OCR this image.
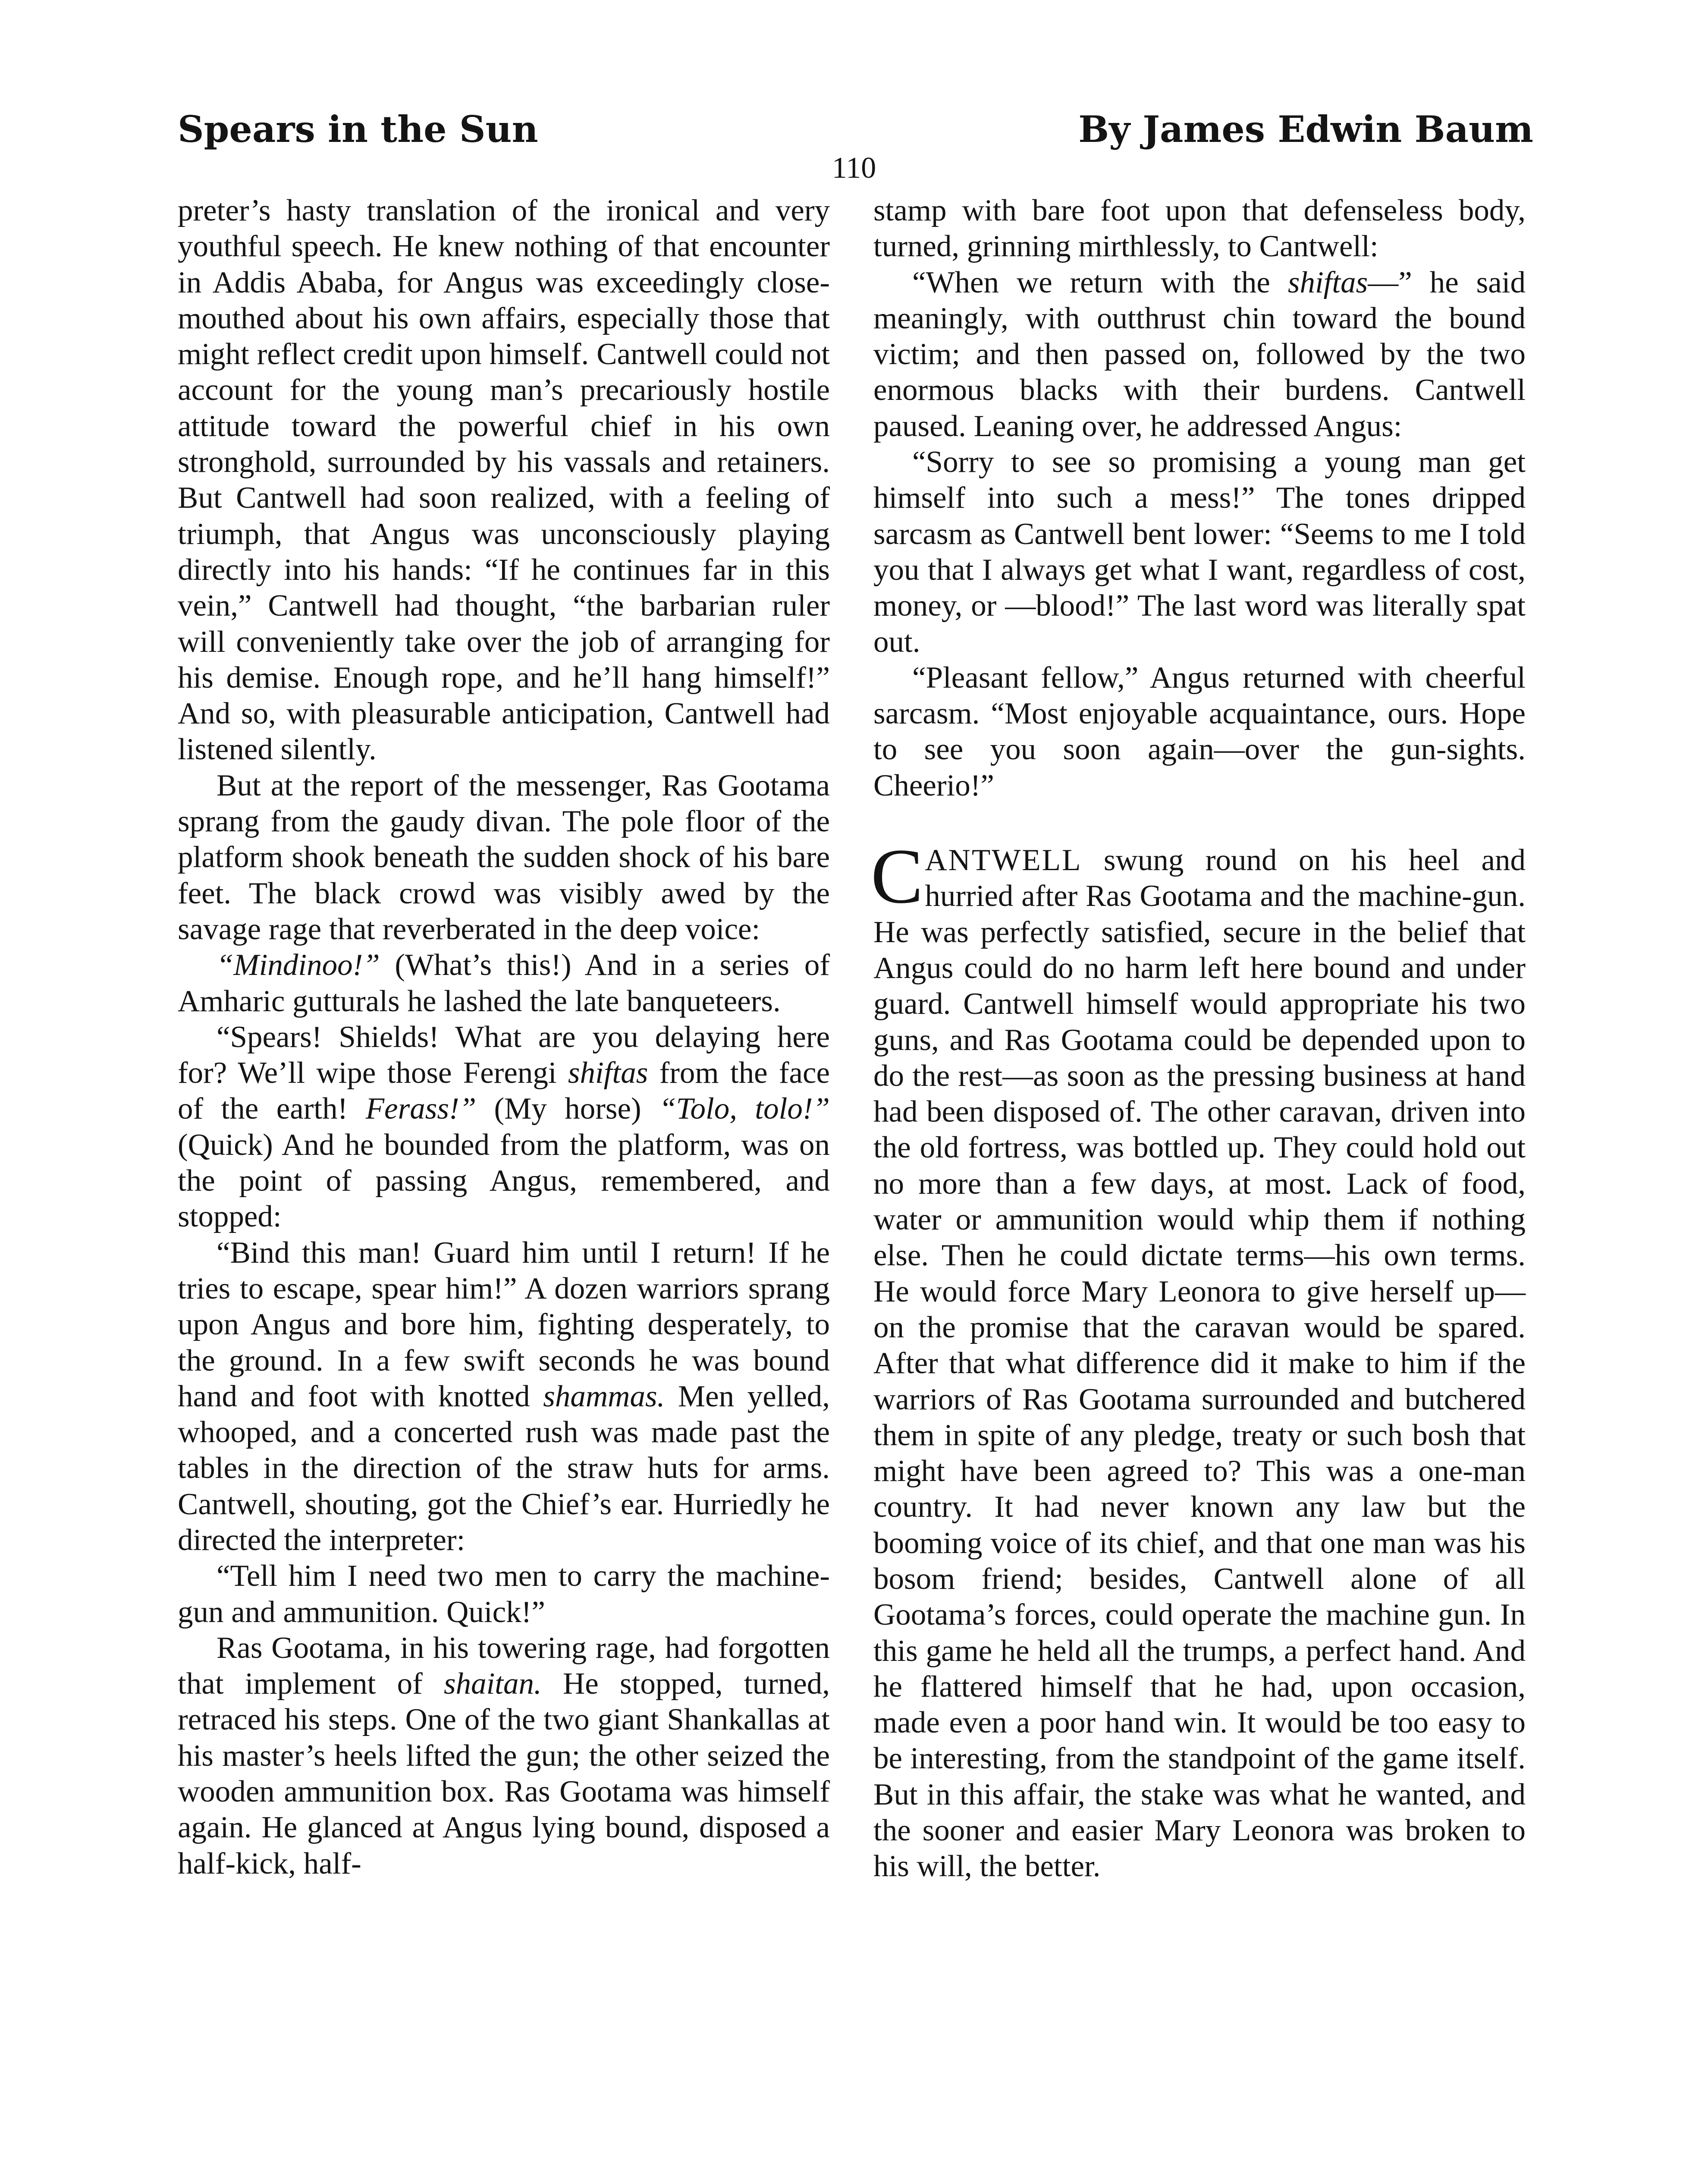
Spears in the Sun	By James Edwin Baum
110

preter’s hasty translation of the ironical and very youthful speech. He knew nothing of that encounter in Addis Ababa, for Angus was exceedingly close-mouthed about his own affairs, especially those that might reflect credit upon himself. Cantwell could not account for the young man’s precariously hostile attitude toward the powerful chief in his own stronghold, surrounded by his vassals and retainers. But Cantwell had soon realized, with a feeling of triumph, that Angus was unconsciously playing directly into his hands: “If he continues far in this vein,” Cantwell had thought, “the barbarian ruler will conveniently take over the job of arranging for his demise. Enough rope, and he’ll hang himself!” And so, with pleasurable anticipation, Cantwell had listened silently.

But at the report of the messenger, Ras Gootama sprang from the gaudy divan. The pole floor of the platform shook beneath the sudden shock of his bare feet. The black crowd was visibly awed by the savage rage that reverberated in the deep voice:

“Mindinoo!” (What’s this!) And in a series of Amharic gutturals he lashed the late banqueteers.

“Spears! Shields! What are you delaying here for? We’ll wipe those Ferengi shiftas from the face of the earth! Ferass!” (My horse) “Tolo, tolo!” (Quick) And he bounded from the platform, was on the point of passing Angus, remembered, and stopped:

“Bind this man! Guard him until I return! If he tries to escape, spear him!” A dozen warriors sprang upon Angus and bore him, fighting desperately, to the ground. In a few swift seconds he was bound hand and foot with knotted shammas. Men yelled, whooped, and a concerted rush was made past the tables in the direction of the straw huts for arms. Cantwell, shouting, got the Chief’s ear. Hurriedly he directed the interpreter:

“Tell him I need two men to carry the machine-gun and ammunition. Quick!”

Ras Gootama, in his towering rage, had forgotten that implement of shaitan. He stopped, turned, retraced his steps. One of the two giant Shankallas at his master’s heels lifted the gun; the other seized the wooden ammunition box. Ras Gootama was himself again. He glanced at Angus lying bound, disposed a half-kick, half-

stamp with bare foot upon that defenseless body, turned, grinning mirthlessly, to Cantwell:

“When we return with the shiftas—” he said meaningly, with outthrust chin toward the bound victim; and then passed on, followed by the two enormous blacks with their burdens. Cantwell paused. Leaning over, he addressed Angus:

“Sorry to see so promising a young man get himself into such a mess!” The tones dripped sarcasm as Cantwell bent lower: “Seems to me I told you that I always get what I want, regardless of cost, money, or —blood!” The last word was literally spat out.

“Pleasant fellow,” Angus returned with cheerful sarcasm. “Most enjoyable acquaintance, ours. Hope to see you soon again—over the gun-sights. Cheerio!”

CANTWELL swung round on his heel and hurried after Ras Gootama and the machine-gun. He was perfectly satisfied, secure in the belief that Angus could do no harm left here bound and under guard. Cantwell himself would appropriate his two guns, and Ras Gootama could be depended upon to do the rest—as soon as the pressing business at hand had been disposed of. The other caravan, driven into the old fortress, was bottled up. They could hold out no more than a few days, at most. Lack of food, water or ammunition would whip them if nothing else. Then he could dictate terms—his own terms. He would force Mary Leonora to give herself up—on the promise that the caravan would be spared. After that what difference did it make to him if the warriors of Ras Gootama surrounded and butchered them in spite of any pledge, treaty or such bosh that might have been agreed to? This was a one-man country. It had never known any law but the booming voice of its chief, and that one man was his bosom friend; besides, Cantwell alone of all Gootama’s forces, could operate the machine gun. In this game he held all the trumps, a perfect hand. And he flattered himself that he had, upon occasion, made even a poor hand win. It would be too easy to be interesting, from the standpoint of the game itself. But in this affair, the stake was what he wanted, and the sooner and easier Mary Leonora was broken to his will, the better.
